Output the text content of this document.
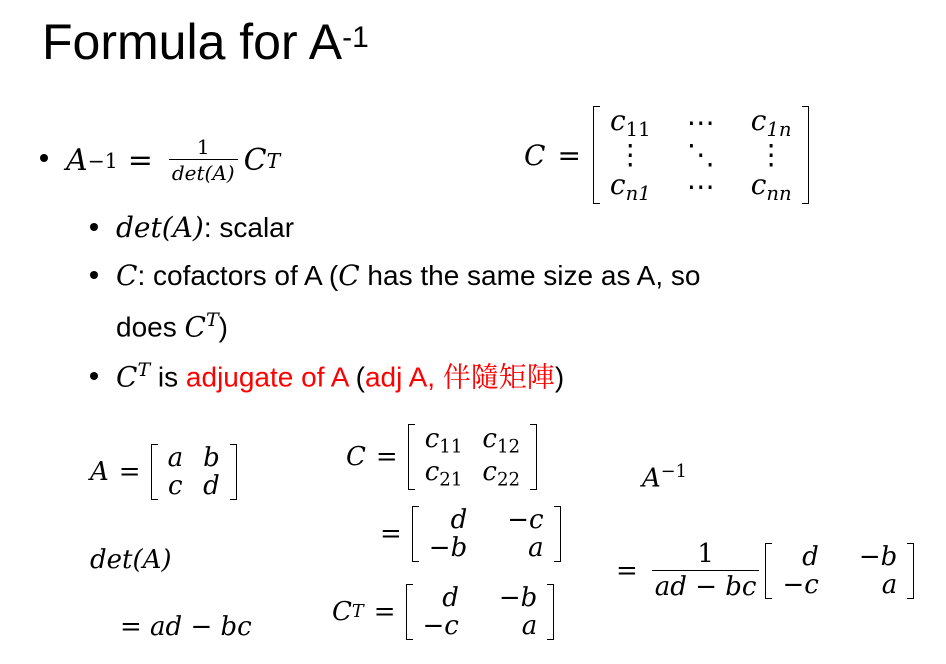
Formula for $A^{-1}$
$A -1 = \frac{1}{\det(A)}$ C T	C =
$c_{11}$	⋯	$c_{1n}$
⋮	⋱	⋮
$c_{n1}$	⋯	$c_{nn}$
det(A): scalar
C: cofactors of A (C has the same size as A, so
does $C^T$)
$C^T$ is adjugate of A (adj A, 伴隨矩陣)
A = a	b
c	d
det(A)
= ad − bc
C =
$c_{11}$	$c_{12}$
$c_{21}$	$c_{22}$
= d	−c
−b	a
C T = d	−b
−c	a
$A^{-1}$
= $\frac{1}{ad - bc}$ d	−b
−c	a
